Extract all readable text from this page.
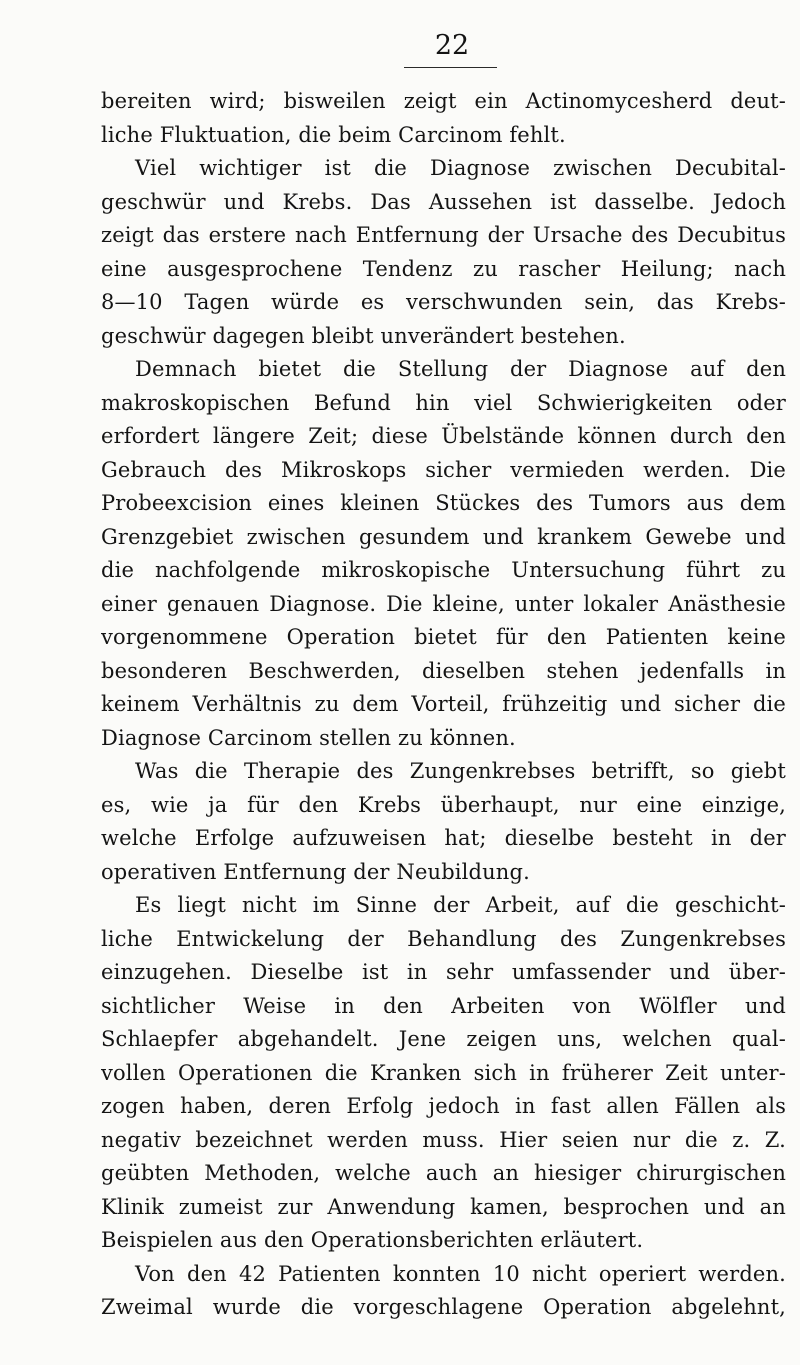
22
bereiten wird; bisweilen zeigt ein Actinomycesherd deut-
liche Fluktuation, die beim Carcinom fehlt.
Viel wichtiger ist die Diagnose zwischen Decubital-
geschwür und Krebs. Das Aussehen ist dasselbe. Jedoch
zeigt das erstere nach Entfernung der Ursache des Decubitus
eine ausgesprochene Tendenz zu rascher Heilung; nach
8—10 Tagen würde es verschwunden sein, das Krebs-
geschwür dagegen bleibt unverändert bestehen.
Demnach bietet die Stellung der Diagnose auf den
makroskopischen Befund hin viel Schwierigkeiten oder
erfordert längere Zeit; diese Übelstände können durch den
Gebrauch des Mikroskops sicher vermieden werden. Die
Probeexcision eines kleinen Stückes des Tumors aus dem
Grenzgebiet zwischen gesundem und krankem Gewebe und
die nachfolgende mikroskopische Untersuchung führt zu
einer genauen Diagnose. Die kleine, unter lokaler Anästhesie
vorgenommene Operation bietet für den Patienten keine
besonderen Beschwerden, dieselben stehen jedenfalls in
keinem Verhältnis zu dem Vorteil, frühzeitig und sicher die
Diagnose Carcinom stellen zu können.
Was die Therapie des Zungenkrebses betrifft, so giebt
es, wie ja für den Krebs überhaupt, nur eine einzige,
welche Erfolge aufzuweisen hat; dieselbe besteht in der
operativen Entfernung der Neubildung.
Es liegt nicht im Sinne der Arbeit, auf die geschicht-
liche Entwickelung der Behandlung des Zungenkrebses
einzugehen. Dieselbe ist in sehr umfassender und über-
sichtlicher Weise in den Arbeiten von Wölfler und
Schlaepfer abgehandelt. Jene zeigen uns, welchen qual-
vollen Operationen die Kranken sich in früherer Zeit unter-
zogen haben, deren Erfolg jedoch in fast allen Fällen als
negativ bezeichnet werden muss. Hier seien nur die z. Z.
geübten Methoden, welche auch an hiesiger chirurgischen
Klinik zumeist zur Anwendung kamen, besprochen und an
Beispielen aus den Operationsberichten erläutert.
Von den 42 Patienten konnten 10 nicht operiert werden.
Zweimal wurde die vorgeschlagene Operation abgelehnt,
